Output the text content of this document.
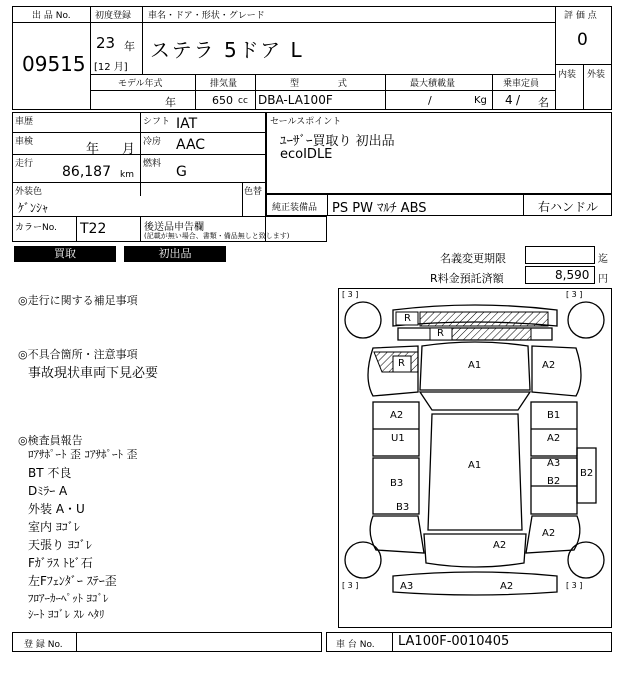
出 品 No.
09515
初度登録
23 年
[12 月]
車名・ドア・形状・グレード
ステラ 5ドア L
評 価 点
0
内装 外装
モデル年式
年
排気量
650 cc
型 式
DBA-LA100F
最大積載量
/	Kg
乗車定員
4 / 名
車歴	シフト IAT
車検	年 月 冷房 AAC
走行 86,187 km
燃料 G
外装色
ｹﾞﾝｼｬ
色替
カラーNo. T22	後送品申告欄
(記載が無い場合、書類・備品無しと致します)
セールスポイント
ﾕｰｻﾞｰ買取り 初出品
ecoIDLE
純正装備品 PS PW ﾏﾙﾁ ABS	右ハンドル
買取	初出品	名義変更期限	迄
R料金預託済額	8,590 円
◎走行に関する補足事項
◎不具合箇所・注意事項
事故現状車両下見必要
◎検査員報告
ﾛｱｻﾎﾟｰﾄ 歪 ｺｱｻﾎﾟｰﾄ 歪
BT 不良
Dﾐﾗｰ A
外装 A・U
室内 ﾖｺﾞﾚ
天張り ﾖｺﾞﾚ
Fｶﾞﾗｽ ﾄﾋﾞ石
左Fﾌｪﾝﾀﾞｰ ｽﾃｰ歪
ﾌﾛｱｰｶｰﾍﾟｯﾄ ﾖｺﾞﾚ
ｼｰﾄ ﾖｺﾞﾚ ｽﾚ ﾍﾀﾘ
[ 3 ]	[ 3 ]
[ 3 ]	[ 3 ]
R
R
R	A1	A2
A2
U1
B1
A2
A1
B3
A3
B2
B2
B3
A2
A2
A3	A2
登 録 No.	車 台 No. LA100F-0010405
